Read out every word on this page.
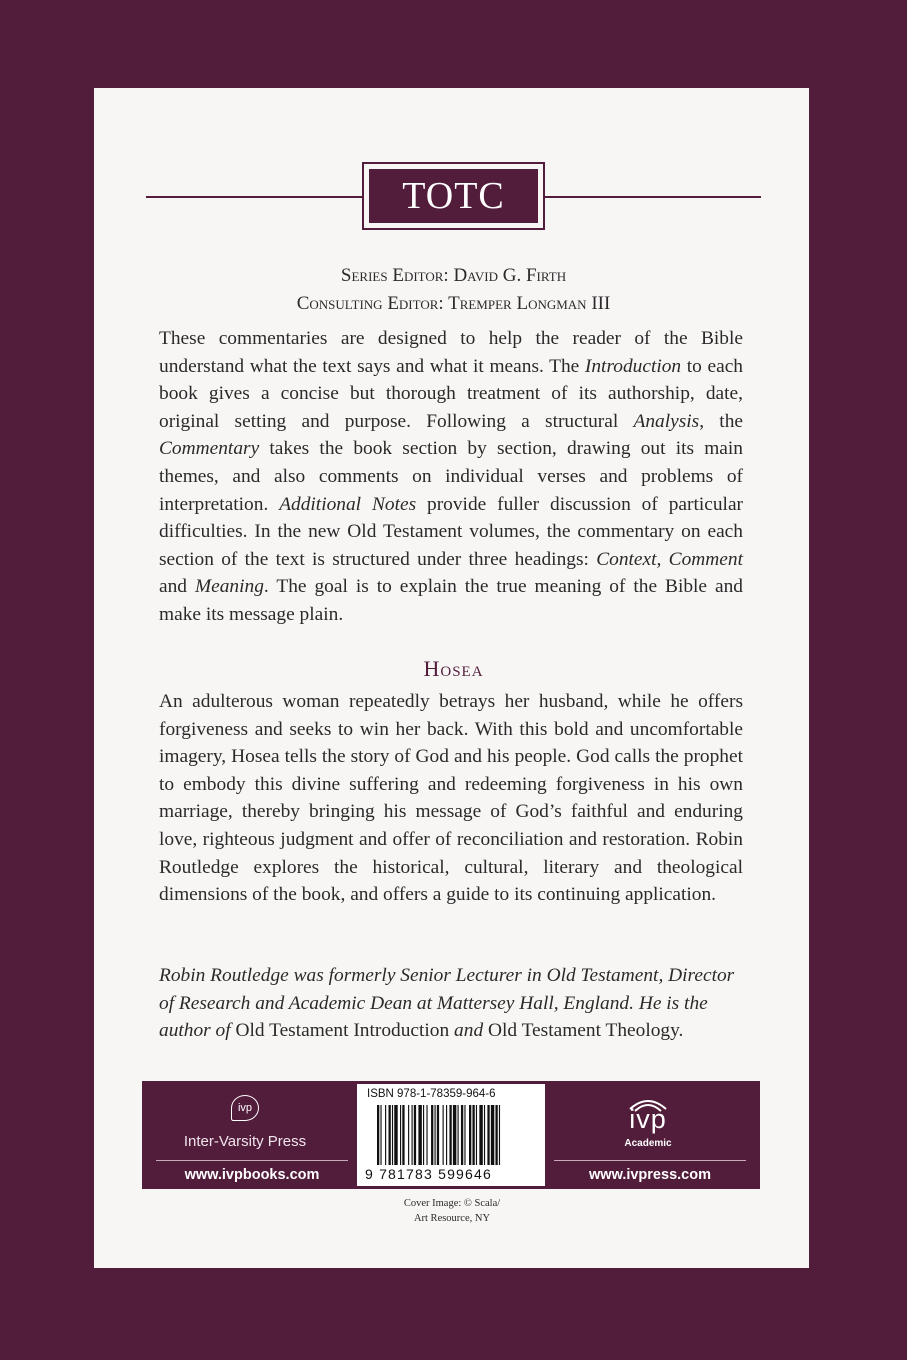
TOTC
Series Editor: David G. Firth
Consulting Editor: Tremper Longman III

These commentaries are designed to help the reader of the Bible understand what the text says and what it means. The Introduction to each book gives a concise but thorough treatment of its authorship, date, original setting and purpose. Following a structural Analysis, the Commentary takes the book section by section, drawing out its main themes, and also comments on individual verses and problems of interpretation. Additional Notes provide fuller discussion of particular difficulties. In the new Old Testament volumes, the commentary on each section of the text is structured under three headings: Context, Comment and Meaning. The goal is to explain the true meaning of the Bible and make its message plain.

Hosea

An adulterous woman repeatedly betrays her husband, while he offers forgiveness and seeks to win her back. With this bold and uncomfortable imagery, Hosea tells the story of God and his people. God calls the prophet to embody this divine suffering and redeeming forgiveness in his own marriage, thereby bringing his message of God’s faithful and enduring love, righteous judgment and offer of reconciliation and restoration. Robin Routledge explores the historical, cultural, literary and theological dimensions of the book, and offers a guide to its continuing application.

Robin Routledge was formerly Senior Lecturer in Old Testament, Director of Research and Academic Dean at Mattersey Hall, England. He is the author of Old Testament Introduction and Old Testament Theology.

ivp
Inter-Varsity Press
www.ivpbooks.com
ISBN 978-1-78359-964-6
9 781783 599646
ivp
Academic
www.ivpress.com
Cover Image: © Scala/
Art Resource, NY
